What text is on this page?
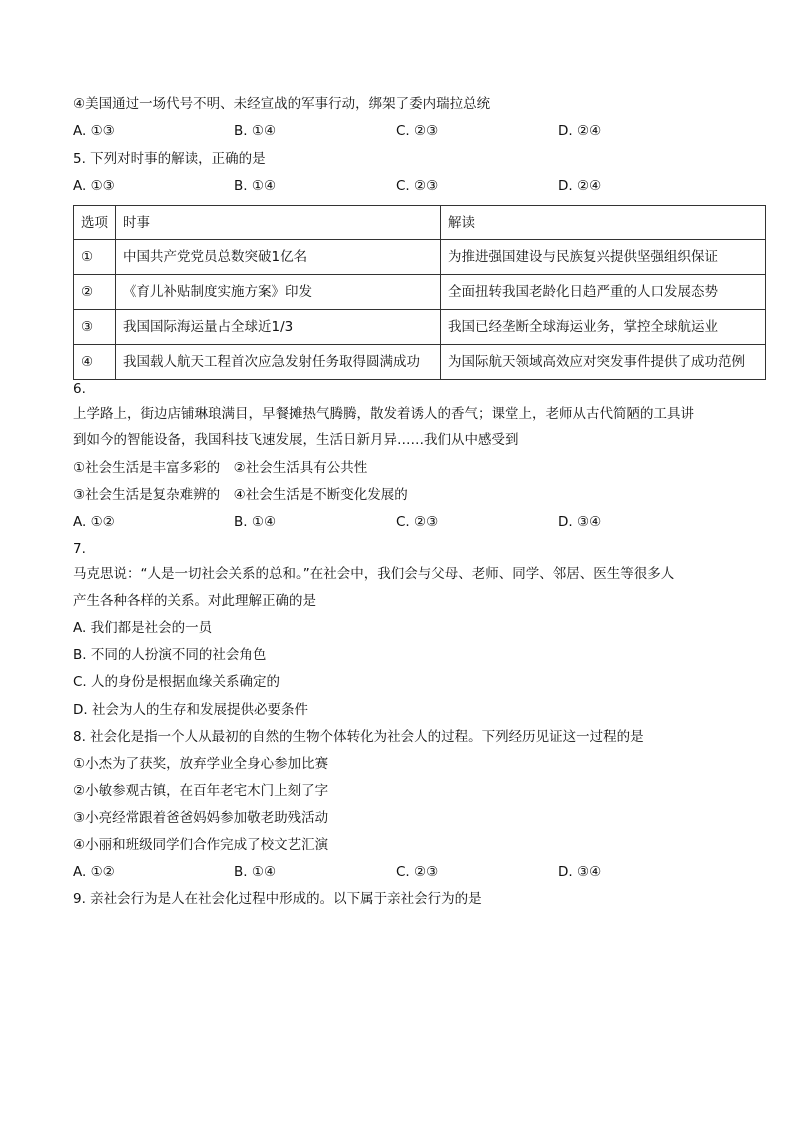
④美国通过一场代号不明、未经宣战的军事行动，绑架了委内瑞拉总统
A. ①③	B. ①④	C. ②③	D. ②④
5. 下列对时事的解读，正确的是
A. ①③	B. ①④	C. ②③	D. ②④
选项	时事	解读
①	中国共产党党员总数突破1亿名	为推进强国建设与民族复兴提供坚强组织保证
②	《育儿补贴制度实施方案》印发	全面扭转我国老龄化日趋严重的人口发展态势
③	我国国际海运量占全球近1/3	我国已经垄断全球海运业务，掌控全球航运业
④	我国载人航天工程首次应急发射任务取得圆满成功	为国际航天领域高效应对突发事件提供了成功范例
6.
上学路上，街边店铺琳琅满目，早餐摊热气腾腾，散发着诱人的香气；课堂上，老师从古代简陋的工具讲
到如今的智能设备，我国科技飞速发展，生活日新月异……我们从中感受到
①社会生活是丰富多彩的　②社会生活具有公共性
③社会生活是复杂难辨的　④社会生活是不断变化发展的
A. ①②	B. ①④	C. ②③	D. ③④
7.
马克思说：“人是一切社会关系的总和。”在社会中，我们会与父母、老师、同学、邻居、医生等很多人
产生各种各样的关系。对此理解正确的是
A. 我们都是社会的一员
B. 不同的人扮演不同的社会角色
C. 人的身份是根据血缘关系确定的
D. 社会为人的生存和发展提供必要条件
8. 社会化是指一个人从最初的自然的生物个体转化为社会人的过程。下列经历见证这一过程的是
①小杰为了获奖，放弃学业全身心参加比赛
②小敏参观古镇，在百年老宅木门上刻了字
③小亮经常跟着爸爸妈妈参加敬老助残活动
④小丽和班级同学们合作完成了校文艺汇演
A. ①②	B. ①④	C. ②③	D. ③④
9. 亲社会行为是人在社会化过程中形成的。以下属于亲社会行为的是
